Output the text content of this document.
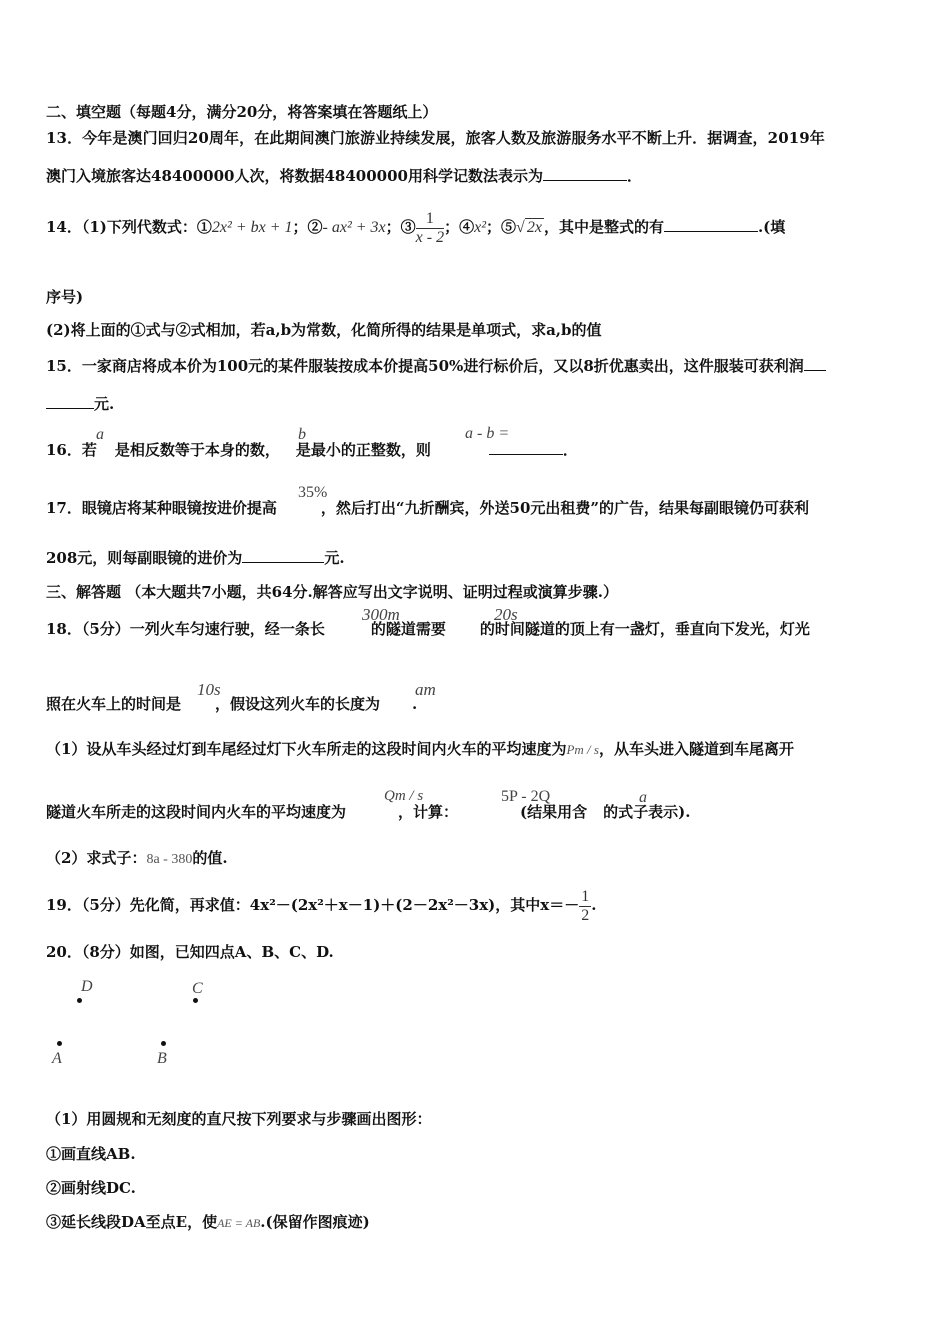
二、填空题（每题4分，满分20分，将答案填在答题纸上）
13．今年是澳门回归20周年，在此期间澳门旅游业持续发展，旅客人数及旅游服务水平不断上升．据调查，2019年
澳门入境旅客达48400000人次，将数据48400000用科学记数法表示为	．
14．（1)下列代数式：①2x² + bx + 1；②- ax² + 3x；③ $\frac{1}{x - 2}$ ；④x²；⑤√ 2x ，其中是整式的有	.(填
序号)
(2)将上面的①式与②式相加，若a,b为常数，化简所得的结果是单项式，求a,b的值
15．一家商店将成本价为100元的某件服装按成本价提高50%进行标价后，又以8折优惠卖出，这件服装可获利润
元.
16．若 是相反数等于本身的数， 是最小的正整数，则	．
a	b	a - b =
17．眼镜店将某种眼镜按进价提高	，然后打出“九折酬宾，外送50元出租费”的广告，结果每副眼镜仍可获利
35%
208元，则每副眼镜的进价为	元.
三、解答题 （本大题共7小题，共64分.解答应写出文字说明、证明过程或演算步骤.）
18．（5分）一列火车匀速行驶，经一条长	的隧道需要 的时间隧道的顶上有一盏灯，垂直向下发光，灯光
300m	20s
照在火车上的时间是 ，假设这列火车的长度为 .
10s	am
（1）设从车头经过灯到车尾经过灯下火车所走的这段时间内火车的平均速度为Pm / s，从车头进入隧道到车尾离开
隧道火车所走的这段时间内火车的平均速度为	，计算：	(结果用含 的式子表示).
Qm / s	5P - 2Q	a
（2）求式子：8a - 380的值.
19．（5分）先化简，再求值：4x²－(2x²＋x－1)＋(2－2x²－3x)，其中$x=- \frac{1}{2}$ .
20．（8分）如图，已知四点A、B、C、D.
D	C
A	B
（1）用圆规和无刻度的直尺按下列要求与步骤画出图形：
①画直线AB.
②画射线DC.
③延长线段DA至点E，使AE = AB.(保留作图痕迹)
